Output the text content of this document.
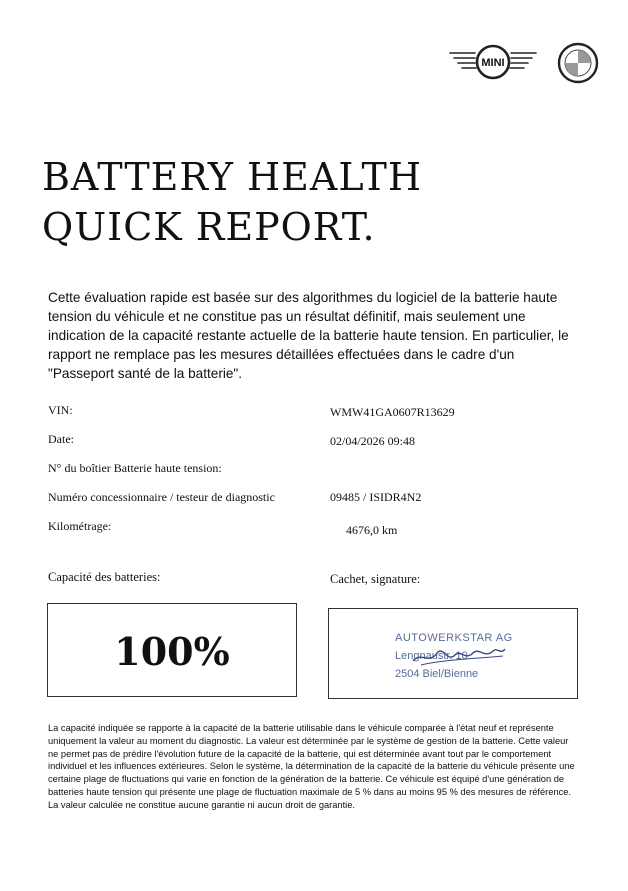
MINI
BATTERY HEALTH
QUICK REPORT.

Cette évaluation rapide est basée sur des algorithmes du logiciel de la batterie haute tension du véhicule et ne constitue pas un résultat définitif, mais seulement une indication de la capacité restante actuelle de la batterie haute tension. En particulier, le rapport ne remplace pas les mesures détaillées effectuées dans le cadre d'un "Passeport santé de la batterie".

VIN:	WMW41GA0607R13629
Date:	02/04/2026 09:48
N° du boîtier Batterie haute tension:
Numéro concessionnaire / testeur de diagnostic	09485 / ISIDR4N2
Kilométrage:	4676,0 km
Capacité des batteries:
100%
Cachet, signature:
AUTOWERKSTAR AG
Lengnaustr. 10
2504 Biel/Bienne

La capacité indiquée se rapporte à la capacité de la batterie utilisable dans le véhicule comparée à l'état neuf et représente uniquement la valeur au moment du diagnostic. La valeur est déterminée par le système de gestion de la batterie. Cette valeur ne permet pas de prédire l'évolution future de la capacité de la batterie, qui est déterminée avant tout par le comportement individuel et les influences extérieures. Selon le système, la détermination de la capacité de la batterie du véhicule présente une certaine plage de fluctuations qui varie en fonction de la génération de la batterie. Ce véhicule est équipé d'une génération de batteries haute tension qui présente une plage de fluctuation maximale de 5 % dans au moins 95 % des mesures de référence. La valeur calculée ne constitue aucune garantie ni aucun droit de garantie.
